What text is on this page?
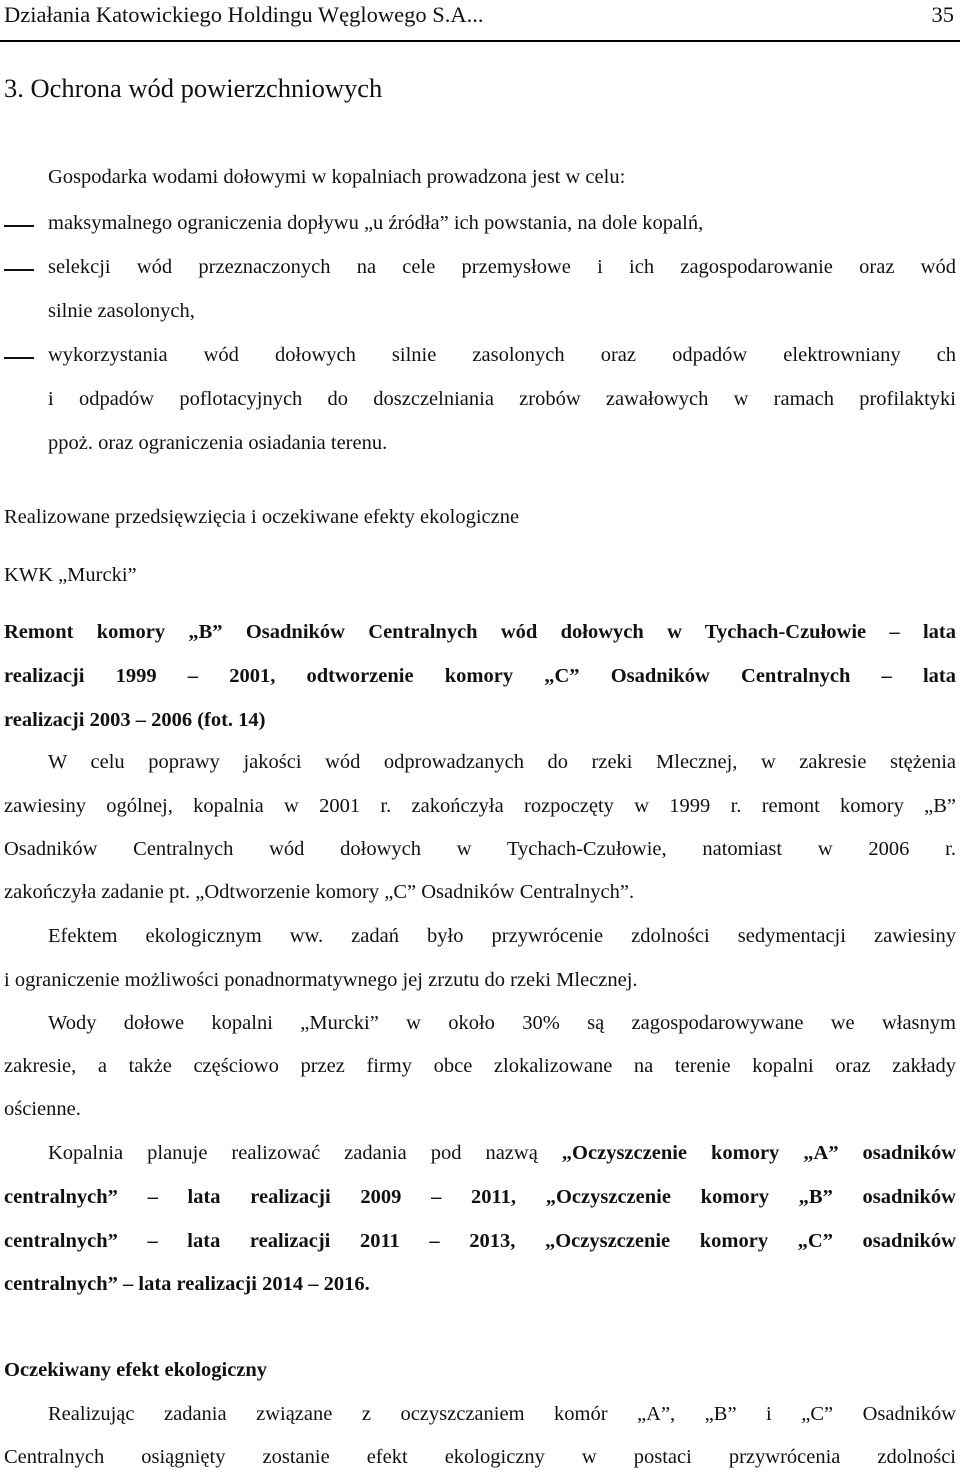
Działania Katowickiego Holdingu Węglowego S.A...	35
3. Ochrona wód powierzchniowych
Gospodarka wodami dołowymi w kopalniach prowadzona jest w celu:
maksymalnego ograniczenia dopływu „u źródła” ich powstania, na dole kopalń,
selekcji wód przeznaczonych na cele przemysłowe i ich zagospodarowanie oraz wód
silnie zasolonych,
wykorzystania wód dołowych silnie zasolonych oraz odpadów elektrowniany ch
i odpadów poflotacyjnych do doszczelniania zrobów zawałowych w ramach profilaktyki
ppoż. oraz ograniczenia osiadania terenu.
Realizowane przedsięwzięcia i oczekiwane efekty ekologiczne
KWK „Murcki”
Remont komory „B” Osadników Centralnych wód dołowych w Tychach-Czułowie – lata
realizacji 1999 – 2001, odtworzenie komory „C” Osadników Centralnych – lata
realizacji 2003 – 2006 (fot. 14)
W celu poprawy jakości wód odprowadzanych do rzeki Mlecznej, w zakresie stężenia
zawiesiny ogólnej, kopalnia w 2001 r. zakończyła rozpoczęty w 1999 r. remont komory „B”
Osadników Centralnych wód dołowych w Tychach-Czułowie, natomiast w 2006 r.
zakończyła zadanie pt. „Odtworzenie komory „C” Osadników Centralnych”.
Efektem ekologicznym ww. zadań było przywrócenie zdolności sedymentacji zawiesiny
i ograniczenie możliwości ponadnormatywnego jej zrzutu do rzeki Mlecznej.
Wody dołowe kopalni „Murcki” w około 30% są zagospodarowywane we własnym
zakresie, a także częściowo przez firmy obce zlokalizowane na terenie kopalni oraz zakłady
ościenne.
Kopalnia planuje realizować zadania pod nazwą „Oczyszczenie komory „A” osadników
centralnych” – lata realizacji 2009 – 2011, „Oczyszczenie komory „B” osadników
centralnych” – lata realizacji 2011 – 2013, „Oczyszczenie komory „C” osadników
centralnych” – lata realizacji 2014 – 2016.
Oczekiwany efekt ekologiczny
Realizując zadania związane z oczyszczaniem komór „A”, „B” i „C” Osadników
Centralnych osiągnięty zostanie efekt ekologiczny w postaci przywrócenia zdolności
